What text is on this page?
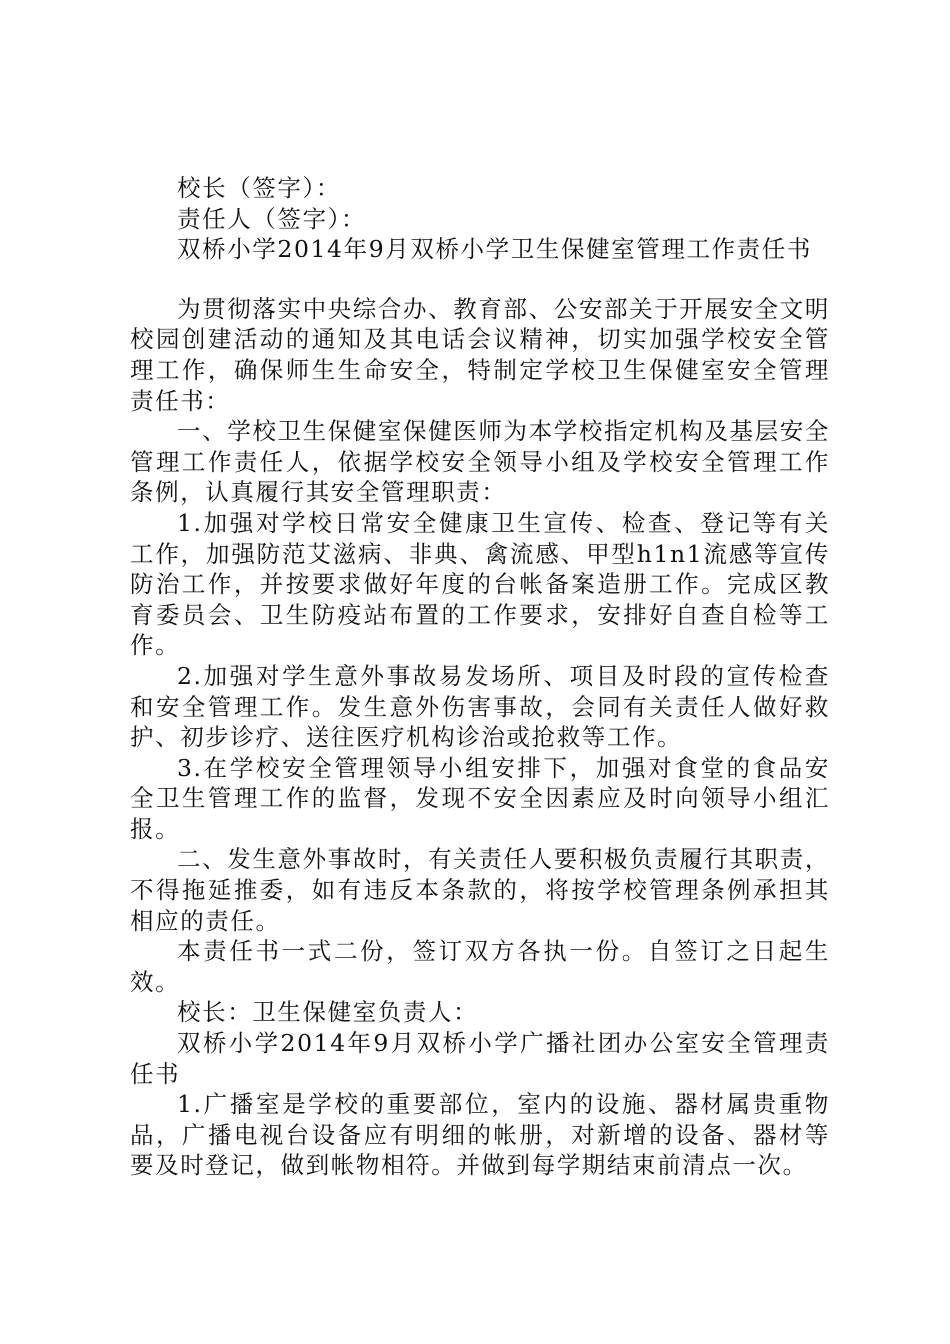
校长（签字）：

责任人（签字）：

双桥小学2014年9月双桥小学卫生保健室管理工作责任书

为贯彻落实中央综合办、教育部、公安部关于开展安全文明校园创建活动的通知及其电话会议精神，切实加强学校安全管理工作，确保师生生命安全，特制定学校卫生保健室安全管理责任书：

一、学校卫生保健室保健医师为本学校指定机构及基层安全管理工作责任人，依据学校安全领导小组及学校安全管理工作条例，认真履行其安全管理职责：

1.加强对学校日常安全健康卫生宣传、检查、登记等有关工作，加强防范艾滋病、非典、禽流感、甲型h1n1流感等宣传防治工作，并按要求做好年度的台帐备案造册工作。完成区教育委员会、卫生防疫站布置的工作要求，安排好自查自检等工作。

2.加强对学生意外事故易发场所、项目及时段的宣传检查和安全管理工作。发生意外伤害事故，会同有关责任人做好救护、初步诊疗、送往医疗机构诊治或抢救等工作。

3.在学校安全管理领导小组安排下，加强对食堂的食品安全卫生管理工作的监督，发现不安全因素应及时向领导小组汇报。

二、发生意外事故时，有关责任人要积极负责履行其职责，不得拖延推委，如有违反本条款的，将按学校管理条例承担其相应的责任。

本责任书一式二份，签订双方各执一份。自签订之日起生效。

校长：卫生保健室负责人：

双桥小学2014年9月双桥小学广播社团办公室安全管理责任书

1.广播室是学校的重要部位，室内的设施、器材属贵重物品，广播电视台设备应有明细的帐册，对新增的设备、器材等要及时登记，做到帐物相符。并做到每学期结束前清点一次。
